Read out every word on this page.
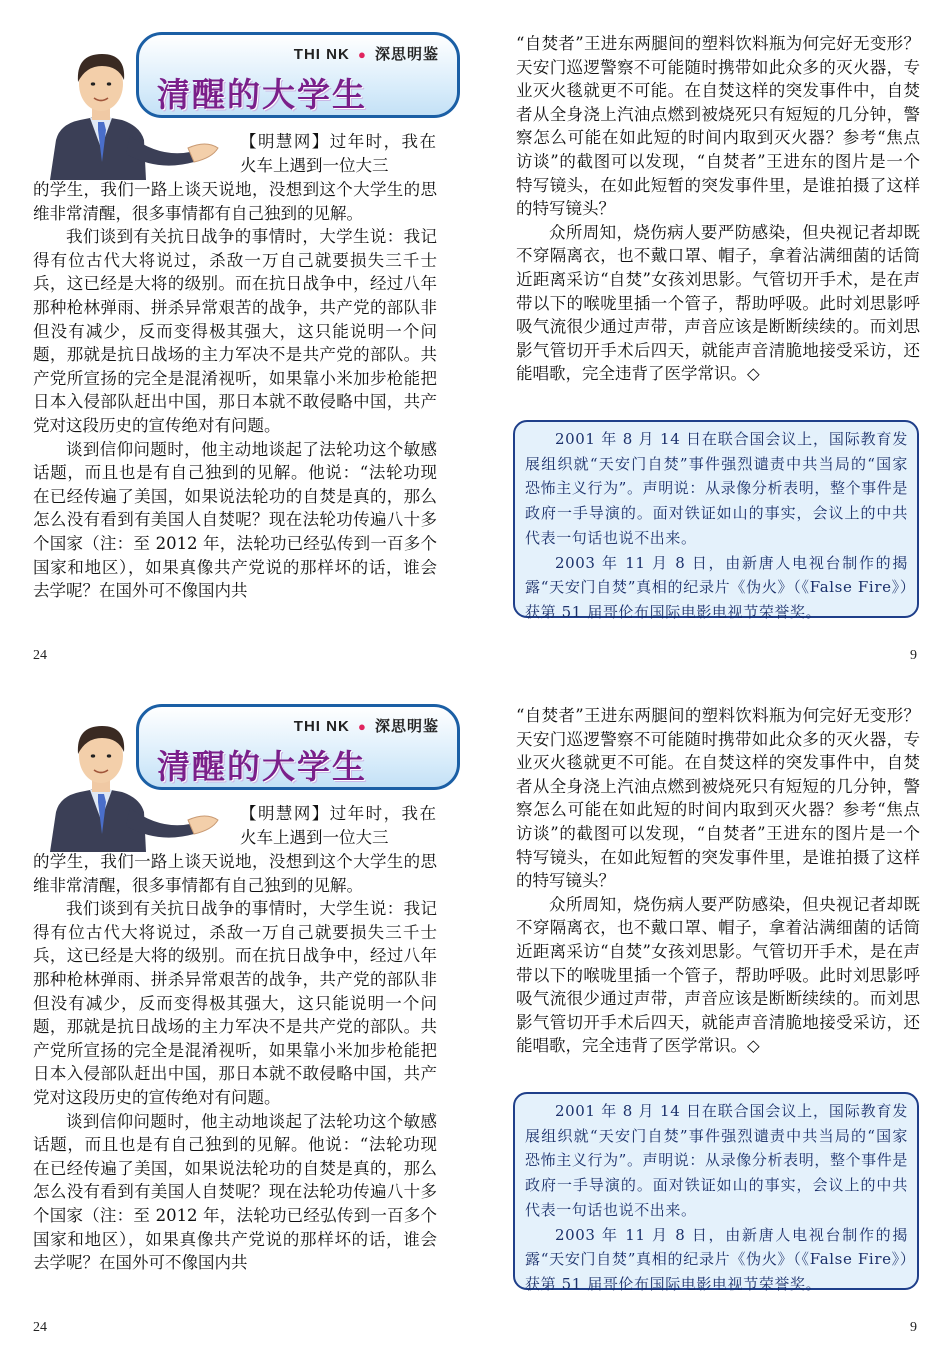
THI NK ● 深思明鉴
清醒的大学生
【明慧网】过年时，我在火车上遇到一位大三

的学生，我们一路上谈天说地，没想到这个大学生的思维非常清醒，很多事情都有自己独到的见解。

我们谈到有关抗日战争的事情时，大学生说：我记得有位古代大将说过，杀敌一万自己就要损失三千士兵，这已经是大将的级别。而在抗日战争中，经过八年那种枪林弹雨、拼杀异常艰苦的战争，共产党的部队非但没有减少，反而变得极其强大，这只能说明一个问题，那就是抗日战场的主力军决不是共产党的部队。共产党所宣扬的完全是混淆视听，如果靠小米加步枪能把日本入侵部队赶出中国，那日本就不敢侵略中国，共产党对这段历史的宣传绝对有问题。

谈到信仰问题时，他主动地谈起了法轮功这个敏感话题，而且也是有自己独到的见解。他说：“法轮功现在已经传遍了美国，如果说法轮功的自焚是真的，那么怎么没有看到有美国人自焚呢？现在法轮功传遍八十多个国家（注：至 2012 年，法轮功已经弘传到一百多个国家和地区），如果真像共产党说的那样坏的话，谁会去学呢？在国外可不像国内共

24

“自焚者”王进东两腿间的塑料饮料瓶为何完好无变形？天安门巡逻警察不可能随时携带如此众多的灭火器，专业灭火毯就更不可能。在自焚这样的突发事件中，自焚者从全身浇上汽油点燃到被烧死只有短短的几分钟，警察怎么可能在如此短的时间内取到灭火器？参考“焦点访谈”的截图可以发现，“自焚者”王进东的图片是一个特写镜头，在如此短暂的突发事件里，是谁拍摄了这样的特写镜头？

众所周知，烧伤病人要严防感染，但央视记者却既不穿隔离衣，也不戴口罩、帽子，拿着沾满细菌的话筒近距离采访“自焚”女孩刘思影。气管切开手术，是在声带以下的喉咙里插一个管子，帮助呼吸。此时刘思影呼吸气流很少通过声带，声音应该是断断续续的。而刘思影气管切开手术后四天，就能声音清脆地接受采访，还能唱歌，完全违背了医学常识。◇

2001 年 8 月 14 日在联合国会议上，国际教育发展组织就“天安门自焚”事件强烈谴责中共当局的“国家恐怖主义行为”。声明说：从录像分析表明，整个事件是政府一手导演的。面对铁证如山的事实，会议上的中共代表一句话也说不出来。

2003 年 11 月 8 日，由新唐人电视台制作的揭露“天安门自焚”真相的纪录片《伪火》（《False Fire》）获第 51 届哥伦布国际电影电视节荣誉奖。

9
THI NK ● 深思明鉴
清醒的大学生
【明慧网】过年时，我在火车上遇到一位大三

的学生，我们一路上谈天说地，没想到这个大学生的思维非常清醒，很多事情都有自己独到的见解。

我们谈到有关抗日战争的事情时，大学生说：我记得有位古代大将说过，杀敌一万自己就要损失三千士兵，这已经是大将的级别。而在抗日战争中，经过八年那种枪林弹雨、拼杀异常艰苦的战争，共产党的部队非但没有减少，反而变得极其强大，这只能说明一个问题，那就是抗日战场的主力军决不是共产党的部队。共产党所宣扬的完全是混淆视听，如果靠小米加步枪能把日本入侵部队赶出中国，那日本就不敢侵略中国，共产党对这段历史的宣传绝对有问题。

谈到信仰问题时，他主动地谈起了法轮功这个敏感话题，而且也是有自己独到的见解。他说：“法轮功现在已经传遍了美国，如果说法轮功的自焚是真的，那么怎么没有看到有美国人自焚呢？现在法轮功传遍八十多个国家（注：至 2012 年，法轮功已经弘传到一百多个国家和地区），如果真像共产党说的那样坏的话，谁会去学呢？在国外可不像国内共

24

“自焚者”王进东两腿间的塑料饮料瓶为何完好无变形？天安门巡逻警察不可能随时携带如此众多的灭火器，专业灭火毯就更不可能。在自焚这样的突发事件中，自焚者从全身浇上汽油点燃到被烧死只有短短的几分钟，警察怎么可能在如此短的时间内取到灭火器？参考“焦点访谈”的截图可以发现，“自焚者”王进东的图片是一个特写镜头，在如此短暂的突发事件里，是谁拍摄了这样的特写镜头？

众所周知，烧伤病人要严防感染，但央视记者却既不穿隔离衣，也不戴口罩、帽子，拿着沾满细菌的话筒近距离采访“自焚”女孩刘思影。气管切开手术，是在声带以下的喉咙里插一个管子，帮助呼吸。此时刘思影呼吸气流很少通过声带，声音应该是断断续续的。而刘思影气管切开手术后四天，就能声音清脆地接受采访，还能唱歌，完全违背了医学常识。◇

2001 年 8 月 14 日在联合国会议上，国际教育发展组织就“天安门自焚”事件强烈谴责中共当局的“国家恐怖主义行为”。声明说：从录像分析表明，整个事件是政府一手导演的。面对铁证如山的事实，会议上的中共代表一句话也说不出来。

2003 年 11 月 8 日，由新唐人电视台制作的揭露“天安门自焚”真相的纪录片《伪火》（《False Fire》）获第 51 届哥伦布国际电影电视节荣誉奖。

9
